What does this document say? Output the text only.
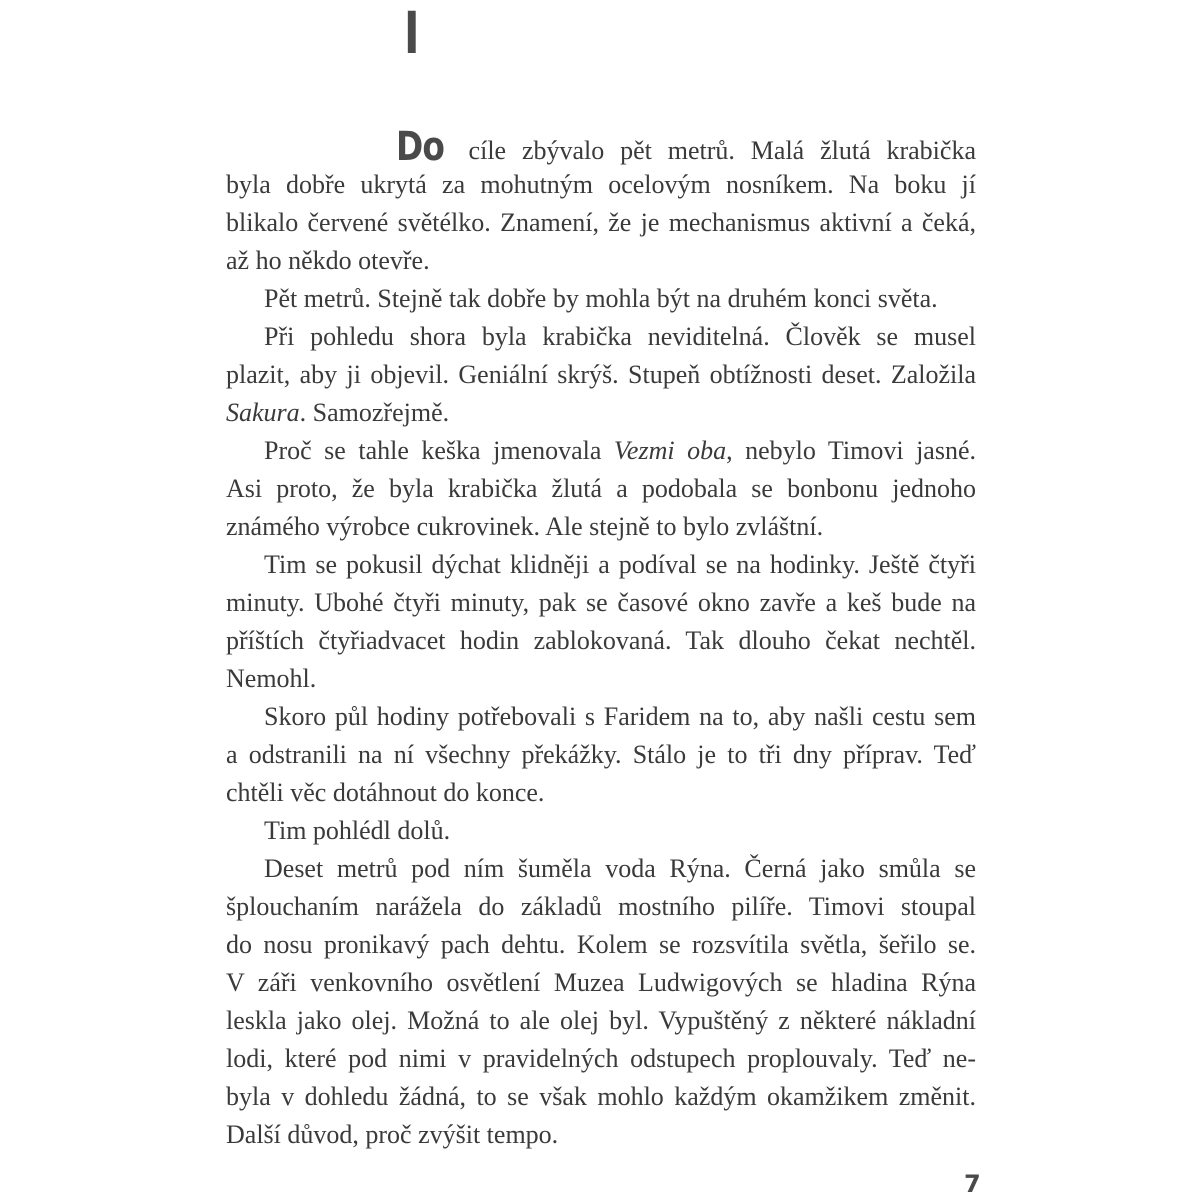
I
Do cíle zbývalo pět metrů. Malá žlutá krabička
byla dobře ukrytá za mohutným ocelovým nosníkem. Na boku jí
blikalo červené světélko. Znamení, že je mechanismus aktivní a čeká,
až ho někdo otevře.
Pět metrů. Stejně tak dobře by mohla být na druhém konci světa.
Při pohledu shora byla krabička neviditelná. Člověk se musel
plazit, aby ji objevil. Geniální skrýš. Stupeň obtížnosti deset. Založila
Sakura. Samozřejmě.
Proč se tahle keška jmenovala Vezmi oba, nebylo Timovi jasné.
Asi proto, že byla krabička žlutá a podobala se bonbonu jednoho
známého výrobce cukrovinek. Ale stejně to bylo zvláštní.
Tim se pokusil dýchat klidněji a podíval se na hodinky. Ještě čtyři
minuty. Ubohé čtyři minuty, pak se časové okno zavře a keš bude na
příštích čtyřiadvacet hodin zablokovaná. Tak dlouho čekat nechtěl.
Nemohl.
Skoro půl hodiny potřebovali s Faridem na to, aby našli cestu sem
a odstranili na ní všechny překážky. Stálo je to tři dny příprav. Teď
chtěli věc dotáhnout do konce.
Tim pohlédl dolů.
Deset metrů pod ním šuměla voda Rýna. Černá jako smůla se
šplouchaním narážela do základů mostního pilíře. Timovi stoupal
do nosu pronikavý pach dehtu. Kolem se rozsvítila světla, šeřilo se.
V záři venkovního osvětlení Muzea Ludwigových se hladina Rýna
leskla jako olej. Možná to ale olej byl. Vypuštěný z některé nákladní
lodi, které pod nimi v pravidelných odstupech proplouvaly. Teď ne-
byla v dohledu žádná, to se však mohlo každým okamžikem změnit.
Další důvod, proč zvýšit tempo.
7
